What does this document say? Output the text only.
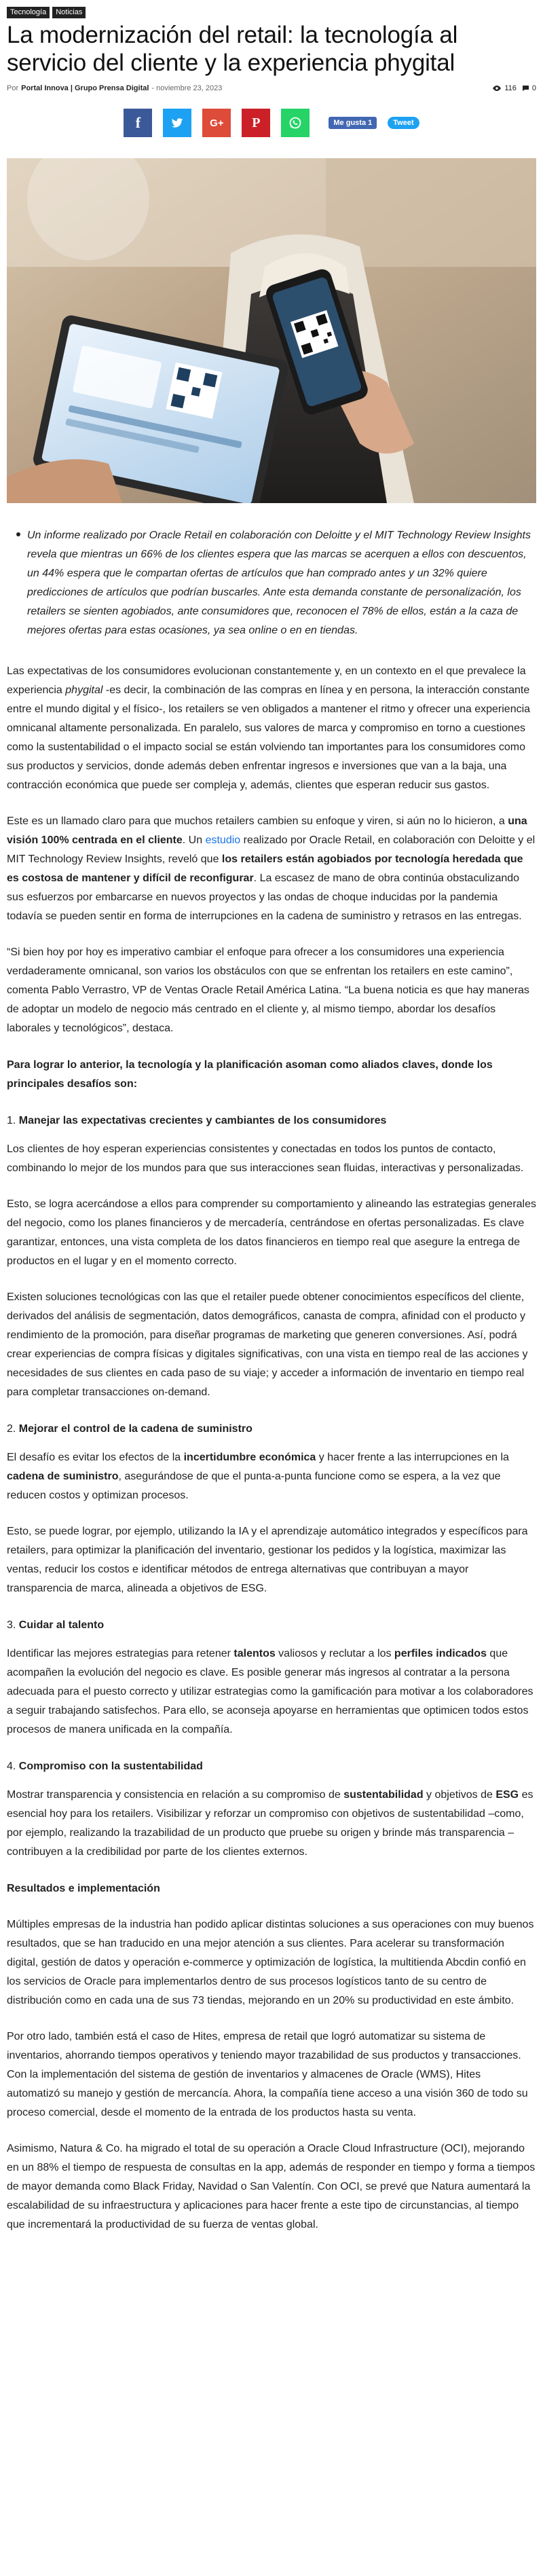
Tecnología	Noticias
La modernización del retail: la tecnología al servicio del cliente y la experiencia phygital
Por Portal Innova | Grupo Prensa Digital - noviembre 23, 2023	116 0
f	G+ P	Me gusta 1	Tweet

Un informe realizado por Oracle Retail en colaboración con Deloitte y el MIT Technology Review Insights revela que mientras un 66% de los clientes espera que las marcas se acerquen a ellos con descuentos, un 44% espera que le compartan ofertas de artículos que han comprado antes y un 32% quiere predicciones de artículos que podrían buscarles. Ante esta demanda constante de personalización, los retailers se sienten agobiados, ante consumidores que, reconocen el 78% de ellos, están a la caza de mejores ofertas para estas ocasiones, ya sea online o en en tiendas.

Las expectativas de los consumidores evolucionan constantemente y, en un contexto en el que prevalece la experiencia phygital -es decir, la combinación de las compras en línea y en persona, la interacción constante entre el mundo digital y el físico-, los retailers se ven obligados a mantener el ritmo y ofrecer una experiencia omnicanal altamente personalizada. En paralelo, sus valores de marca y compromiso en torno a cuestiones como la sustentabilidad o el impacto social se están volviendo tan importantes para los consumidores como sus productos y servicios, donde además deben enfrentar ingresos e inversiones que van a la baja, una contracción económica que puede ser compleja y, además, clientes que esperan reducir sus gastos.

Este es un llamado claro para que muchos retailers cambien su enfoque y viren, si aún no lo hicieron, a una visión 100% centrada en el cliente. Un estudio realizado por Oracle Retail, en colaboración con Deloitte y el MIT Technology Review Insights, reveló que los retailers están agobiados por tecnología heredada que es costosa de mantener y difícil de reconfigurar. La escasez de mano de obra continúa obstaculizando sus esfuerzos por embarcarse en nuevos proyectos y las ondas de choque inducidas por la pandemia todavía se pueden sentir en forma de interrupciones en la cadena de suministro y retrasos en las entregas.

“Si bien hoy por hoy es imperativo cambiar el enfoque para ofrecer a los consumidores una experiencia verdaderamente omnicanal, son varios los obstáculos con que se enfrentan los retailers en este camino”, comenta Pablo Verrastro, VP de Ventas Oracle Retail América Latina. “La buena noticia es que hay maneras de adoptar un modelo de negocio más centrado en el cliente y, al mismo tiempo, abordar los desafíos laborales y tecnológicos”, destaca.

Para lograr lo anterior, la tecnología y la planificación asoman como aliados claves, donde los principales desafíos son:
1. Manejar las expectativas crecientes y cambiantes de los consumidores

Los clientes de hoy esperan experiencias consistentes y conectadas en todos los puntos de contacto, combinando lo mejor de los mundos para que sus interacciones sean fluidas, interactivas y personalizadas.

Esto, se logra acercándose a ellos para comprender su comportamiento y alineando las estrategias generales del negocio, como los planes financieros y de mercadería, centrándose en ofertas personalizadas. Es clave garantizar, entonces, una vista completa de los datos financieros en tiempo real que asegure la entrega de productos en el lugar y en el momento correcto.

Existen soluciones tecnológicas con las que el retailer puede obtener conocimientos específicos del cliente, derivados del análisis de segmentación, datos demográficos, canasta de compra, afinidad con el producto y rendimiento de la promoción, para diseñar programas de marketing que generen conversiones. Así, podrá crear experiencias de compra físicas y digitales significativas, con una vista en tiempo real de las acciones y necesidades de sus clientes en cada paso de su viaje; y acceder a información de inventario en tiempo real para completar transacciones on-demand.

2. Mejorar el control de la cadena de suministro

El desafío es evitar los efectos de la incertidumbre económica y hacer frente a las interrupciones en la cadena de suministro, asegurándose de que el punta-a-punta funcione como se espera, a la vez que reducen costos y optimizan procesos.

Esto, se puede lograr, por ejemplo, utilizando la IA y el aprendizaje automático integrados y específicos para retailers, para optimizar la planificación del inventario, gestionar los pedidos y la logística, maximizar las ventas, reducir los costos e identificar métodos de entrega alternativas que contribuyan a mayor transparencia de marca, alineada a objetivos de ESG.

3. Cuidar al talento

Identificar las mejores estrategias para retener talentos valiosos y reclutar a los perfiles indicados que acompañen la evolución del negocio es clave. Es posible generar más ingresos al contratar a la persona adecuada para el puesto correcto y utilizar estrategias como la gamificación para motivar a los colaboradores a seguir trabajando satisfechos. Para ello, se aconseja apoyarse en herramientas que optimicen todos estos procesos de manera unificada en la compañía.

4. Compromiso con la sustentabilidad

Mostrar transparencia y consistencia en relación a su compromiso de sustentabilidad y objetivos de ESG es esencial hoy para los retailers. Visibilizar y reforzar un compromiso con objetivos de sustentabilidad –como, por ejemplo, realizando la trazabilidad de un producto que pruebe su origen y brinde más transparencia – contribuyen a la credibilidad por parte de los clientes externos.

Resultados e implementación

Múltiples empresas de la industria han podido aplicar distintas soluciones a sus operaciones con muy buenos resultados, que se han traducido en una mejor atención a sus clientes. Para acelerar su transformación digital, gestión de datos y operación e-commerce y optimización de logística, la multitienda Abcdin confió en los servicios de Oracle para implementarlos dentro de sus procesos logísticos tanto de su centro de distribución como en cada una de sus 73 tiendas, mejorando en un 20% su productividad en este ámbito.

Por otro lado, también está el caso de Hites, empresa de retail que logró automatizar su sistema de inventarios, ahorrando tiempos operativos y teniendo mayor trazabilidad de sus productos y transacciones. Con la implementación del sistema de gestión de inventarios y almacenes de Oracle (WMS), Hites automatizó su manejo y gestión de mercancía. Ahora, la compañía tiene acceso a una visión 360 de todo su proceso comercial, desde el momento de la entrada de los productos hasta su venta.

Asimismo, Natura & Co. ha migrado el total de su operación a Oracle Cloud Infrastructure (OCI), mejorando en un 88% el tiempo de respuesta de consultas en la app, además de responder en tiempo y forma a tiempos de mayor demanda como Black Friday, Navidad o San Valentín. Con OCI, se prevé que Natura aumentará la escalabilidad de su infraestructura y aplicaciones para hacer frente a este tipo de circunstancias, al tiempo que incrementará la productividad de su fuerza de ventas global.
